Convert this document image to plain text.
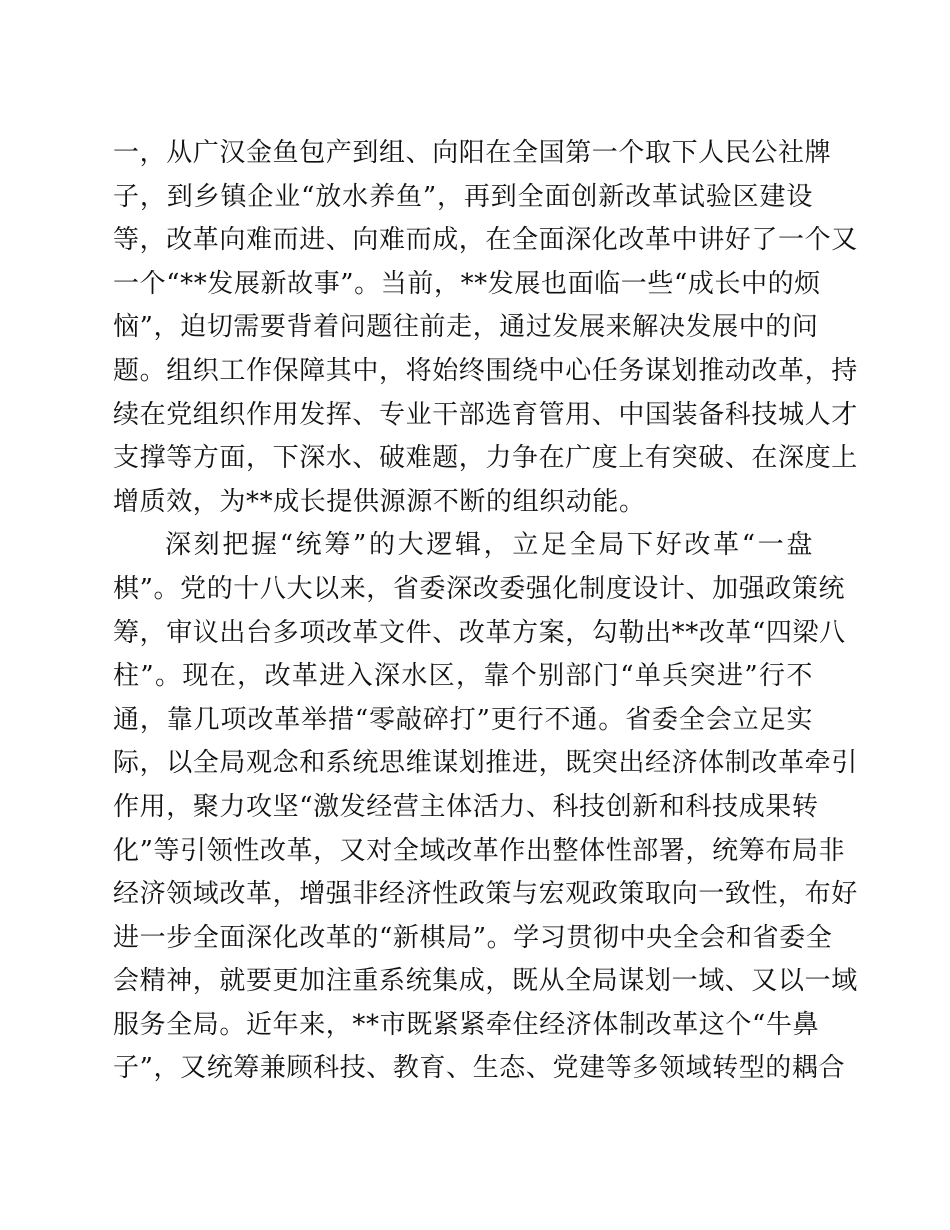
一，从广汉金鱼包产到组、向阳在全国第一个取下人民公社牌
子，到乡镇企业“放水养鱼”，再到全面创新改革试验区建设
等，改革向难而进、向难而成，在全面深化改革中讲好了一个又
一个“**发展新故事”。当前，**发展也面临一些“成长中的烦
恼”，迫切需要背着问题往前走，通过发展来解决发展中的问
题。组织工作保障其中，将始终围绕中心任务谋划推动改革，持
续在党组织作用发挥、专业干部选育管用、中国装备科技城人才
支撑等方面，下深水、破难题，力争在广度上有突破、在深度上
增质效，为**成长提供源源不断的组织动能。
深刻把握“统筹”的大逻辑，立足全局下好改革“一盘
棋”。党的十八大以来，省委深改委强化制度设计、加强政策统
筹，审议出台多项改革文件、改革方案，勾勒出**改革“四梁八
柱”。现在，改革进入深水区，靠个别部门“单兵突进”行不
通，靠几项改革举措“零敲碎打”更行不通。省委全会立足实
际，以全局观念和系统思维谋划推进，既突出经济体制改革牵引
作用，聚力攻坚“激发经营主体活力、科技创新和科技成果转
化”等引领性改革，又对全域改革作出整体性部署，统筹布局非
经济领域改革，增强非经济性政策与宏观政策取向一致性，布好
进一步全面深化改革的“新棋局”。学习贯彻中央全会和省委全
会精神，就要更加注重系统集成，既从全局谋划一域、又以一域
服务全局。近年来，**市既紧紧牵住经济体制改革这个“牛鼻
子”，又统筹兼顾科技、教育、生态、党建等多领域转型的耦合
